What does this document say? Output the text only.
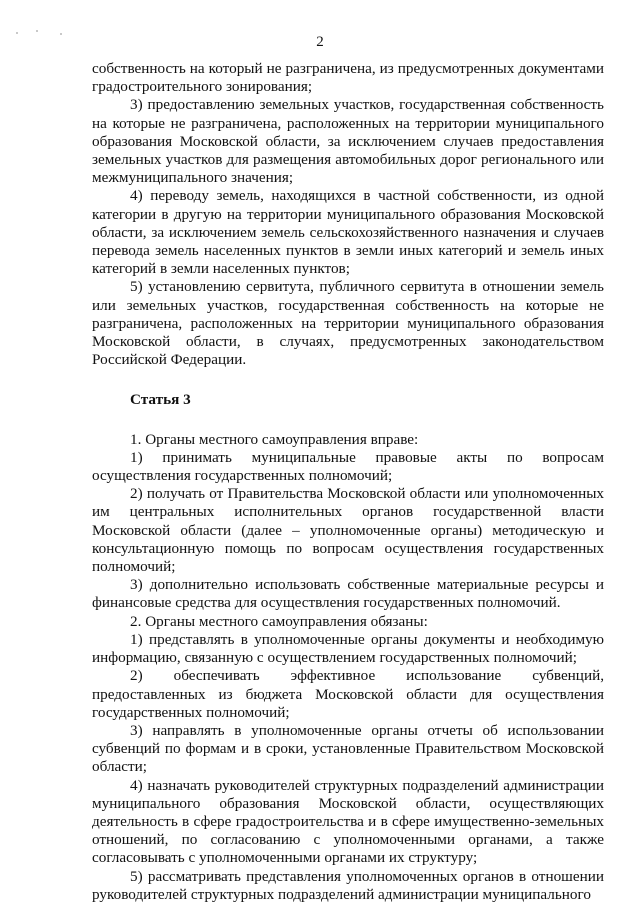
2

собственность на который не разграничена, из предусмотренных документами градостроительного зонирования;

3) предоставлению земельных участков, государственная собственность на которые не разграничена, расположенных на территории муниципального образования Московской области, за исключением случаев предоставления земельных участков для размещения автомобильных дорог регионального или межмуниципального значения;

4) переводу земель, находящихся в частной собственности, из одной категории в другую на территории муниципального образования Московской области, за исключением земель сельскохозяйственного назначения и случаев перевода земель населенных пунктов в земли иных категорий и земель иных категорий в земли населенных пунктов;

5) установлению сервитута, публичного сервитута в отношении земель или земельных участков, государственная собственность на которые не разграничена, расположенных на территории муниципального образования Московской области, в случаях, предусмотренных законодательством Российской Федерации.

Статья 3

1. Органы местного самоуправления вправе:

1) принимать муниципальные правовые акты по вопросам осуществления государственных полномочий;

2) получать от Правительства Московской области или уполномоченных им центральных исполнительных органов государственной власти Московской области (далее – уполномоченные органы) методическую и консультационную помощь по вопросам осуществления государственных полномочий;

3) дополнительно использовать собственные материальные ресурсы и финансовые средства для осуществления государственных полномочий.

2. Органы местного самоуправления обязаны:

1) представлять в уполномоченные органы документы и необходимую информацию, связанную с осуществлением государственных полномочий;

2) обеспечивать эффективное использование субвенций, предоставленных из бюджета Московской области для осуществления государственных полномочий;

3) направлять в уполномоченные органы отчеты об использовании субвенций по формам и в сроки, установленные Правительством Московской области;

4) назначать руководителей структурных подразделений администрации муниципального образования Московской области, осуществляющих деятельность в сфере градостроительства и в сфере имущественно-земельных отношений, по согласованию с уполномоченными органами, а также согласовывать с уполномоченными органами их структуру;

5) рассматривать представления уполномоченных органов в отношении руководителей структурных подразделений администрации муниципального
